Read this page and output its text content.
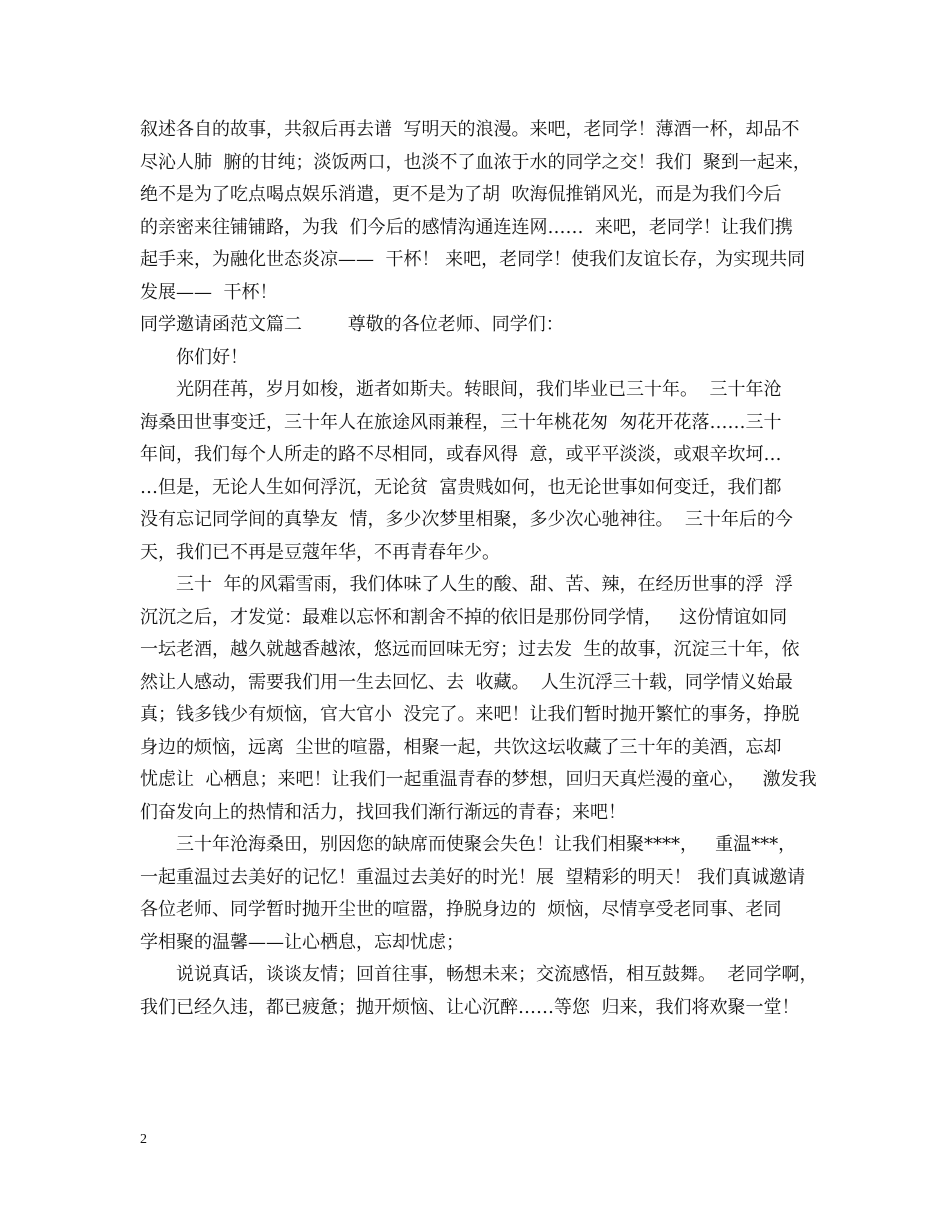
叙述各自的故事，共叙后再去谱  写明天的浪漫。来吧，老同学！薄酒一杯，却品不
尽沁人肺  腑的甘纯；淡饭两口，也淡不了血浓于水的同学之交！我们  聚到一起来，
绝不是为了吃点喝点娱乐消遣，更不是为了胡  吹海侃推销风光，而是为我们今后
的亲密来往铺铺路，为我  们今后的感情沟通连连网……  来吧，老同学！让我们携
起手来，为融化世态炎凉——  干杯！ 来吧，老同学！使我们友谊长存，为实现共同
发展——  干杯！
同学邀请函范文篇二        尊敬的各位老师、同学们：
你们好！
光阴荏苒，岁月如梭，逝者如斯夫。转眼间，我们毕业已三十年。  三十年沧
海桑田世事变迁，三十年人在旅途风雨兼程，三十年桃花匆  匆花开花落……三十
年间，我们每个人所走的路不尽相同，或春风得  意，或平平淡淡，或艰辛坎坷…
…但是，无论人生如何浮沉，无论贫  富贵贱如何，也无论世事如何变迁，我们都
没有忘记同学间的真挚友  情，多少次梦里相聚，多少次心驰神往。  三十年后的今
天，我们已不再是豆蔻年华，不再青春年少。
三十  年的风霜雪雨，我们体味了人生的酸、甜、苦、辣，在经历世事的浮  浮
沉沉之后，才发觉：最难以忘怀和割舍不掉的依旧是那份同学情，   这份情谊如同
一坛老酒，越久就越香越浓，悠远而回味无穷；过去发  生的故事，沉淀三十年，依
然让人感动，需要我们用一生去回忆、去  收藏。  人生沉浮三十载，同学情义始最
真；钱多钱少有烦恼，官大官小  没完了。来吧！让我们暂时抛开繁忙的事务，挣脱
身边的烦恼，远离  尘世的喧嚣，相聚一起，共饮这坛收藏了三十年的美酒，忘却
忧虑让  心栖息；来吧！让我们一起重温青春的梦想，回归天真烂漫的童心，   激发我
们奋发向上的热情和活力，找回我们渐行渐远的青春；来吧！
三十年沧海桑田，别因您的缺席而使聚会失色！让我们相聚****，   重温***，
一起重温过去美好的记忆！重温过去美好的时光！展  望精彩的明天！ 我们真诚邀请
各位老师、同学暂时抛开尘世的喧嚣，挣脱身边的  烦恼，尽情享受老同事、老同
学相聚的温馨——让心栖息，忘却忧虑；
说说真话，谈谈友情；回首往事，畅想未来；交流感悟，相互鼓舞。  老同学啊，
我们已经久违，都已疲惫；抛开烦恼、让心沉醉……等您  归来，我们将欢聚一堂！
2
